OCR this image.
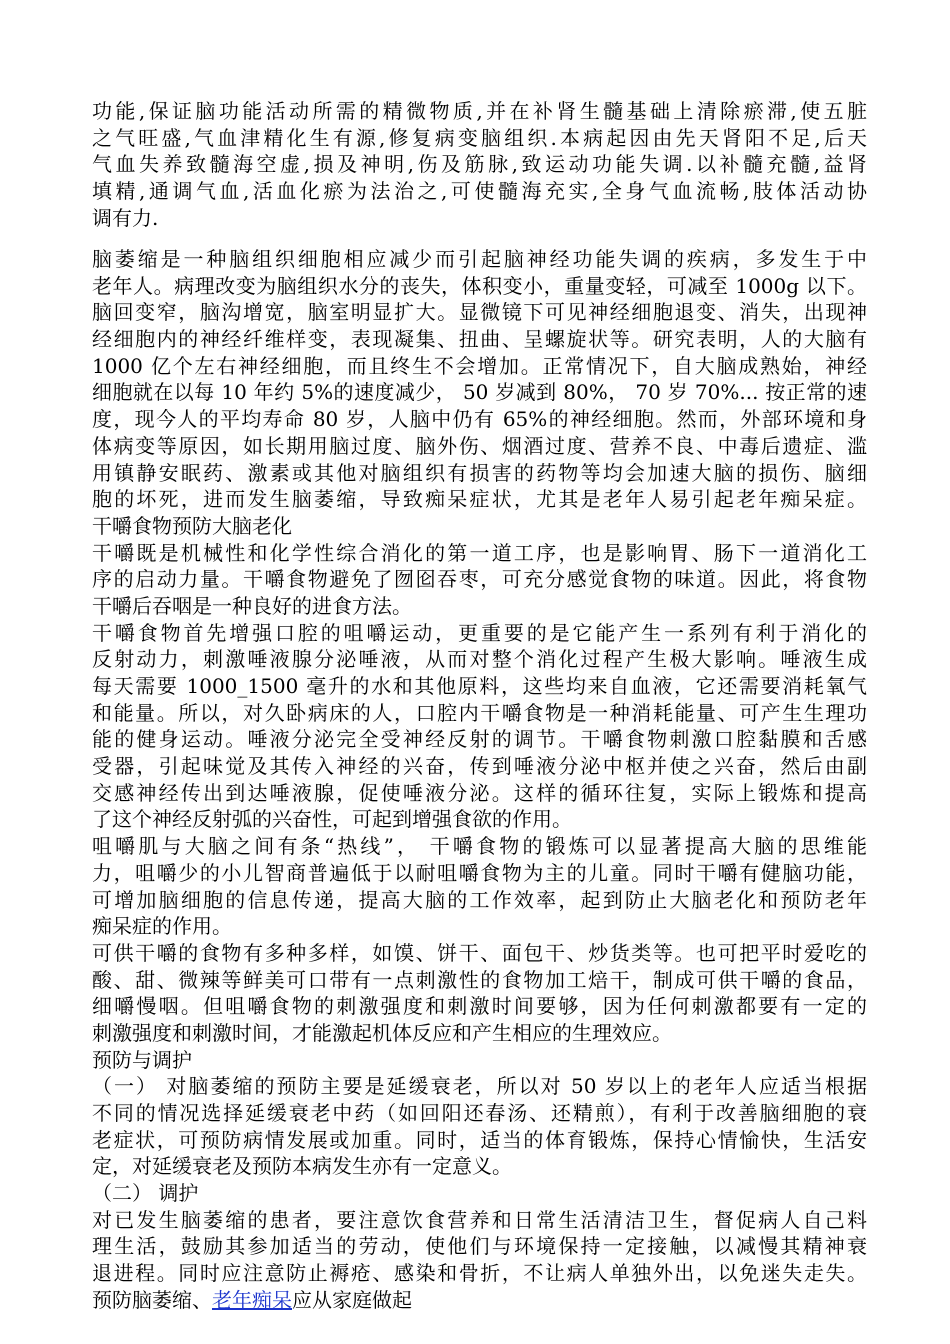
功能,保证脑功能活动所需的精微物质,并在补肾生髓基础上清除瘀滞,使五脏
之气旺盛,气血津精化生有源,修复病变脑组织.本病起因由先天肾阳不足,后天
气血失养致髓海空虚,损及神明,伤及筋脉,致运动功能失调.以补髓充髓,益肾
填精,通调气血,活血化瘀为法治之,可使髓海充实,全身气血流畅,肢体活动协
调有力.
脑萎缩是一种脑组织细胞相应减少而引起脑神经功能失调的疾病，多发生于中
老年人。病理改变为脑组织水分的丧失，体积变小，重量变轻，可减至 1000g 以下。
脑回变窄，脑沟增宽，脑室明显扩大。显微镜下可见神经细胞退变、消失，出现神
经细胞内的神经纤维样变，表现凝集、扭曲、呈螺旋状等。研究表明，人的大脑有
1000 亿个左右神经细胞，而且终生不会增加。正常情况下，自大脑成熟始，神经
细胞就在以每 10 年约 5%的速度减少， 50 岁减到 80%， 70 岁 70%... 按正常的速
度，现今人的平均寿命 80 岁，人脑中仍有 65%的神经细胞。然而，外部环境和身
体病变等原因，如长期用脑过度、脑外伤、烟酒过度、营养不良、中毒后遗症、滥
用镇静安眠药、激素或其他对脑组织有损害的药物等均会加速大脑的损伤、脑细
胞的坏死，进而发生脑萎缩，导致痴呆症状，尤其是老年人易引起老年痴呆症。
干嚼食物预防大脑老化
干嚼既是机械性和化学性综合消化的第一道工序，也是影响胃、肠下一道消化工
序的启动力量。干嚼食物避免了囫囵吞枣，可充分感觉食物的味道。因此，将食物
干嚼后吞咽是一种良好的进食方法。
干嚼食物首先增强口腔的咀嚼运动，更重要的是它能产生一系列有利于消化的
反射动力，刺激唾液腺分泌唾液，从而对整个消化过程产生极大影响。唾液生成
每天需要 1000_1500 毫升的水和其他原料，这些均来自血液，它还需要消耗氧气
和能量。所以，对久卧病床的人，口腔内干嚼食物是一种消耗能量、可产生生理功
能的健身运动。唾液分泌完全受神经反射的调节。干嚼食物刺激口腔黏膜和舌感
受器，引起味觉及其传入神经的兴奋，传到唾液分泌中枢并使之兴奋，然后由副
交感神经传出到达唾液腺，促使唾液分泌。这样的循环往复，实际上锻炼和提高
了这个神经反射弧的兴奋性，可起到增强食欲的作用。
咀嚼肌与大脑之间有条“热线”， 干嚼食物的锻炼可以显著提高大脑的思维能
力，咀嚼少的小儿智商普遍低于以耐咀嚼食物为主的儿童。同时干嚼有健脑功能，
可增加脑细胞的信息传递，提高大脑的工作效率，起到防止大脑老化和预防老年
痴呆症的作用。
可供干嚼的食物有多种多样，如馍、饼干、面包干、炒货类等。也可把平时爱吃的
酸、甜、微辣等鲜美可口带有一点刺激性的食物加工焙干，制成可供干嚼的食品，
细嚼慢咽。但咀嚼食物的刺激强度和刺激时间要够，因为任何刺激都要有一定的
刺激强度和刺激时间，才能激起机体反应和产生相应的生理效应。
预防与调护
（一） 对脑萎缩的预防主要是延缓衰老，所以对 50 岁以上的老年人应适当根据
不同的情况选择延缓衰老中药（如回阳还春汤、还精煎），有利于改善脑细胞的衰
老症状，可预防病情发展或加重。同时，适当的体育锻炼，保持心情愉快，生活安
定，对延缓衰老及预防本病发生亦有一定意义。
（二） 调护
对已发生脑萎缩的患者，要注意饮食营养和日常生活清洁卫生，督促病人自己料
理生活，鼓励其参加适当的劳动，使他们与环境保持一定接触，以减慢其精神衰
退进程。同时应注意防止褥疮、感染和骨折，不让病人单独外出，以免迷失走失。
预防脑萎缩、老年痴呆应从家庭做起
